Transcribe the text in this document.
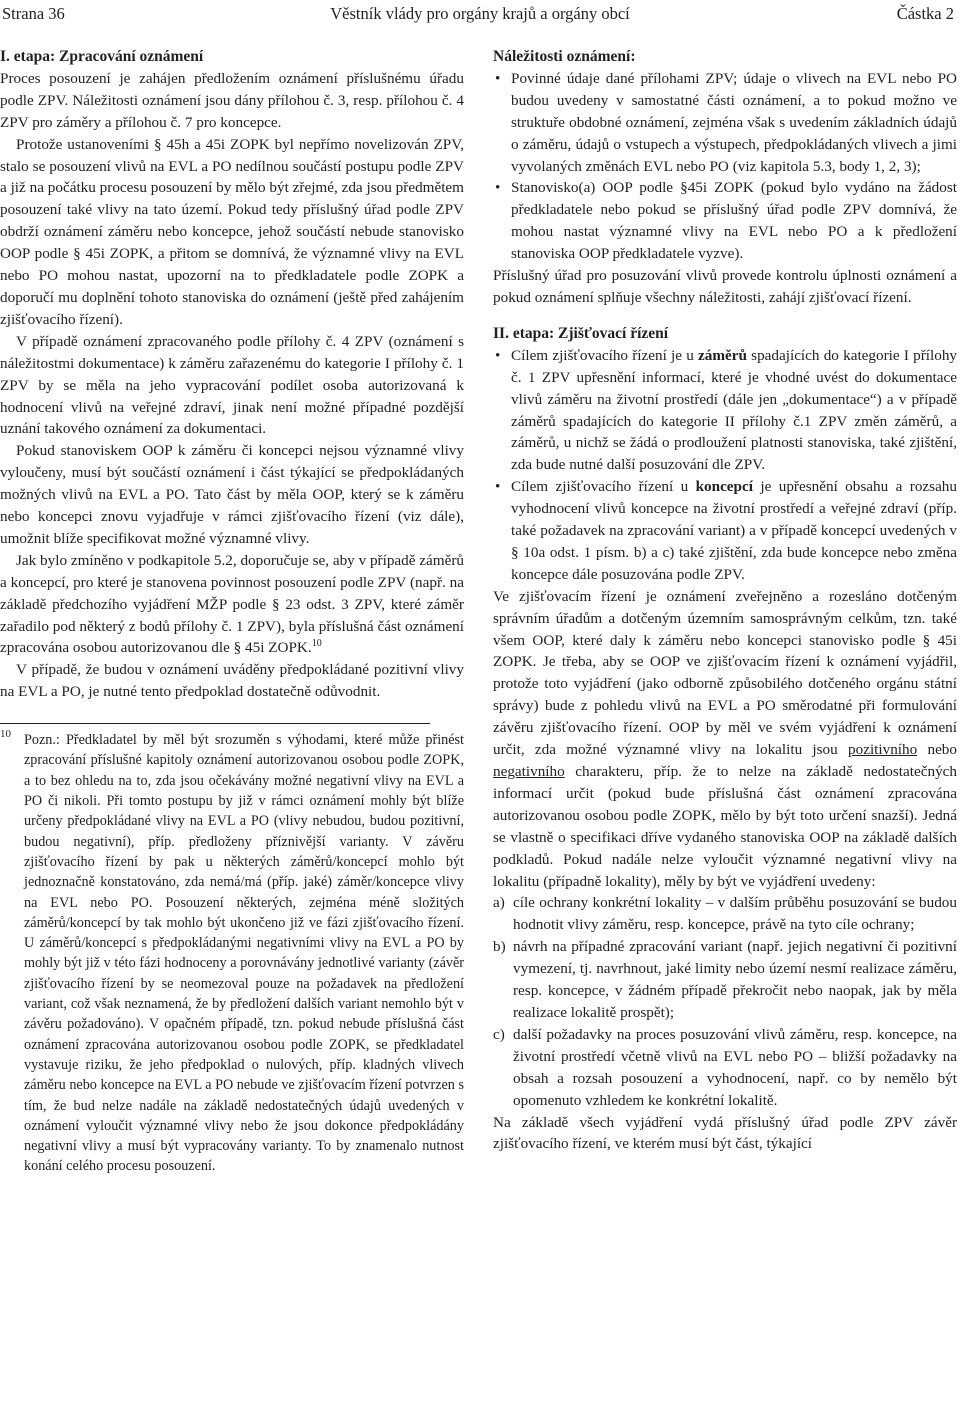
Strana 36	Věstník vlády pro orgány krajů a orgány obcí	Částka 2
I. etapa: Zpracování oznámení

Proces posouzení je zahájen předložením oznámení příslušnému úřadu podle ZPV. Náležitosti oznámení jsou dány přílohou č. 3, resp. přílohou č. 4 ZPV pro záměry a přílohou č. 7 pro koncepce.

Protože ustanoveními § 45h a 45i ZOPK byl nepřímo novelizován ZPV, stalo se posouzení vlivů na EVL a PO nedílnou součástí postupu podle ZPV a již na počátku procesu posouzení by mělo být zřejmé, zda jsou předmětem posouzení také vlivy na tato území. Pokud tedy příslušný úřad podle ZPV obdrží oznámení záměru nebo koncepce, jehož součástí nebude stanovisko OOP podle § 45i ZOPK, a přitom se domnívá, že významné vlivy na EVL nebo PO mohou nastat, upozorní na to předkladatele podle ZOPK a doporučí mu doplnění tohoto stanoviska do oznámení (ještě před zahájením zjišťovacího řízení).

V případě oznámení zpracovaného podle přílohy č. 4 ZPV (oznámení s náležitostmi dokumentace) k záměru zařazenému do kategorie I přílohy č. 1 ZPV by se měla na jeho vypracování podílet osoba autorizovaná k hodnocení vlivů na veřejné zdraví, jinak není možné případné pozdější uznání takového oznámení za dokumentaci.

Pokud stanoviskem OOP k záměru či koncepci nejsou významné vlivy vyloučeny, musí být součástí oznámení i část týkající se předpokládaných možných vlivů na EVL a PO. Tato část by měla OOP, který se k záměru nebo koncepci znovu vyjadřuje v rámci zjišťovacího řízení (viz dále), umožnit blíže specifikovat možné významné vlivy.

Jak bylo zmíněno v podkapitole 5.2, doporučuje se, aby v případě záměrů a koncepcí, pro které je stanovena povinnost posouzení podle ZPV (např. na základě předchozího vyjádření MŽP podle § 23 odst. 3 ZPV, které záměr zařadilo pod některý z bodů přílohy č. 1 ZPV), byla příslušná část oznámení zpracována osobou autorizovanou dle § 45i ZOPK.$^{10}$

V případě, že budou v oznámení uváděny předpokládané pozitivní vlivy na EVL a PO, je nutné tento předpoklad dostatečně odůvodnit.

10 Pozn.: Předkladatel by měl být srozuměn s výhodami, které může přinést zpracování příslušné kapitoly oznámení autorizovanou osobou podle ZOPK, a to bez ohledu na to, zda jsou očekávány možné negativní vlivy na EVL a PO či nikoli. Při tomto postupu by již v rámci oznámení mohly být blíže určeny předpokládané vlivy na EVL a PO (vlivy nebudou, budou pozitivní, budou negativní), příp. předloženy příznivější varianty. V závěru zjišťovacího řízení by pak u některých záměrů/koncepcí mohlo být jednoznačně konstatováno, zda nemá/má (příp. jaké) záměr/koncepce vlivy na EVL nebo PO. Posouzení některých, zejména méně složitých záměrů/koncepcí by tak mohlo být ukončeno již ve fázi zjišťovacího řízení. U záměrů/koncepcí s předpokládanými negativními vlivy na EVL a PO by mohly být již v této fázi hodnoceny a porovnávány jednotlivé varianty (závěr zjišťovacího řízení by se neomezoval pouze na požadavek na předložení variant, což však neznamená, že by předložení dalších variant nemohlo být v závěru požadováno). V opačném případě, tzn. pokud nebude příslušná část oznámení zpracována autorizovanou osobou podle ZOPK, se předkladatel vystavuje riziku, že jeho předpoklad o nulových, příp. kladných vlivech záměru nebo koncepce na EVL a PO nebude ve zjišťovacím řízení potvrzen s tím, že bud nelze nadále na základě nedostatečných údajů uvedených v oznámení vyloučit významné vlivy nebo že jsou dokonce předpokládány negativní vlivy a musí být vypracovány varianty. To by znamenalo nutnost konání celého procesu posouzení.

Náležitosti oznámení:
• Povinné údaje dané přílohami ZPV; údaje o vlivech na EVL nebo PO budou uvedeny v samostatné části oznámení, a to pokud možno ve struktuře obdobné oznámení, zejména však s uvedením základních údajů o záměru, údajů o vstupech a výstupech, předpokládaných vlivech a jimi vyvolaných změnách EVL nebo PO (viz kapitola 5.3, body 1, 2, 3);
• Stanovisko(a) OOP podle §45i ZOPK (pokud bylo vydáno na žádost předkladatele nebo pokud se příslušný úřad podle ZPV domnívá, že mohou nastat významné vlivy na EVL nebo PO a k předložení stanoviska OOP předkladatele vyzve).

Příslušný úřad pro posuzování vlivů provede kontrolu úplnosti oznámení a pokud oznámení splňuje všechny náležitosti, zahájí zjišťovací řízení.

II. etapa: Zjišťovací řízení
• Cílem zjišťovacího řízení je u záměrů spadajících do kategorie I přílohy č. 1 ZPV upřesnění informací, které je vhodné uvést do dokumentace vlivů záměru na životní prostředí (dále jen „dokumentace“) a v případě záměrů spadajících do kategorie II přílohy č.1 ZPV změn záměrů, a záměrů, u nichž se žádá o prodloužení platnosti stanoviska, také zjištění, zda bude nutné další posuzování dle ZPV.
• Cílem zjišťovacího řízení u koncepcí je upřesnění obsahu a rozsahu vyhodnocení vlivů koncepce na životní prostředí a veřejné zdraví (příp. také požadavek na zpracování variant) a v případě koncepcí uvedených v § 10a odst. 1 písm. b) a c) také zjištění, zda bude koncepce nebo změna koncepce dále posuzována podle ZPV.

Ve zjišťovacím řízení je oznámení zveřejněno a rozesláno dotčeným správním úřadům a dotčeným územním samosprávným celkům, tzn. také všem OOP, které daly k záměru nebo koncepci stanovisko podle § 45i ZOPK. Je třeba, aby se OOP ve zjišťovacím řízení k oznámení vyjádřil, protože toto vyjádření (jako odborně způsobilého dotčeného orgánu státní správy) bude z pohledu vlivů na EVL a PO směrodatné při formulování závěru zjišťovacího řízení. OOP by měl ve svém vyjádření k oznámení určit, zda možné významné vlivy na lokalitu jsou pozitivního nebo negativního charakteru, příp. že to nelze na základě nedostatečných informací určit (pokud bude příslušná část oznámení zpracována autorizovanou osobou podle ZOPK, mělo by být toto určení snazší). Jedná se vlastně o specifikaci dříve vydaného stanoviska OOP na základě dalších podkladů. Pokud nadále nelze vyloučit významné negativní vlivy na lokalitu (případně lokality), měly by být ve vyjádření uvedeny:

a) cíle ochrany konkrétní lokality – v dalším průběhu posuzování se budou hodnotit vlivy záměru, resp. koncepce, právě na tyto cíle ochrany;
b) návrh na případné zpracování variant (např. jejich negativní či pozitivní vymezení, tj. navrhnout, jaké limity nebo území nesmí realizace záměru, resp. koncepce, v žádném případě překročit nebo naopak, jak by měla realizace lokalitě prospět);
c) další požadavky na proces posuzování vlivů záměru, resp. koncepce, na životní prostředí včetně vlivů na EVL nebo PO – bližší požadavky na obsah a rozsah posouzení a vyhodnocení, např. co by nemělo být opomenuto vzhledem ke konkrétní lokalitě.

Na základě všech vyjádření vydá příslušný úřad podle ZPV závěr zjišťovacího řízení, ve kterém musí být část, týkající
